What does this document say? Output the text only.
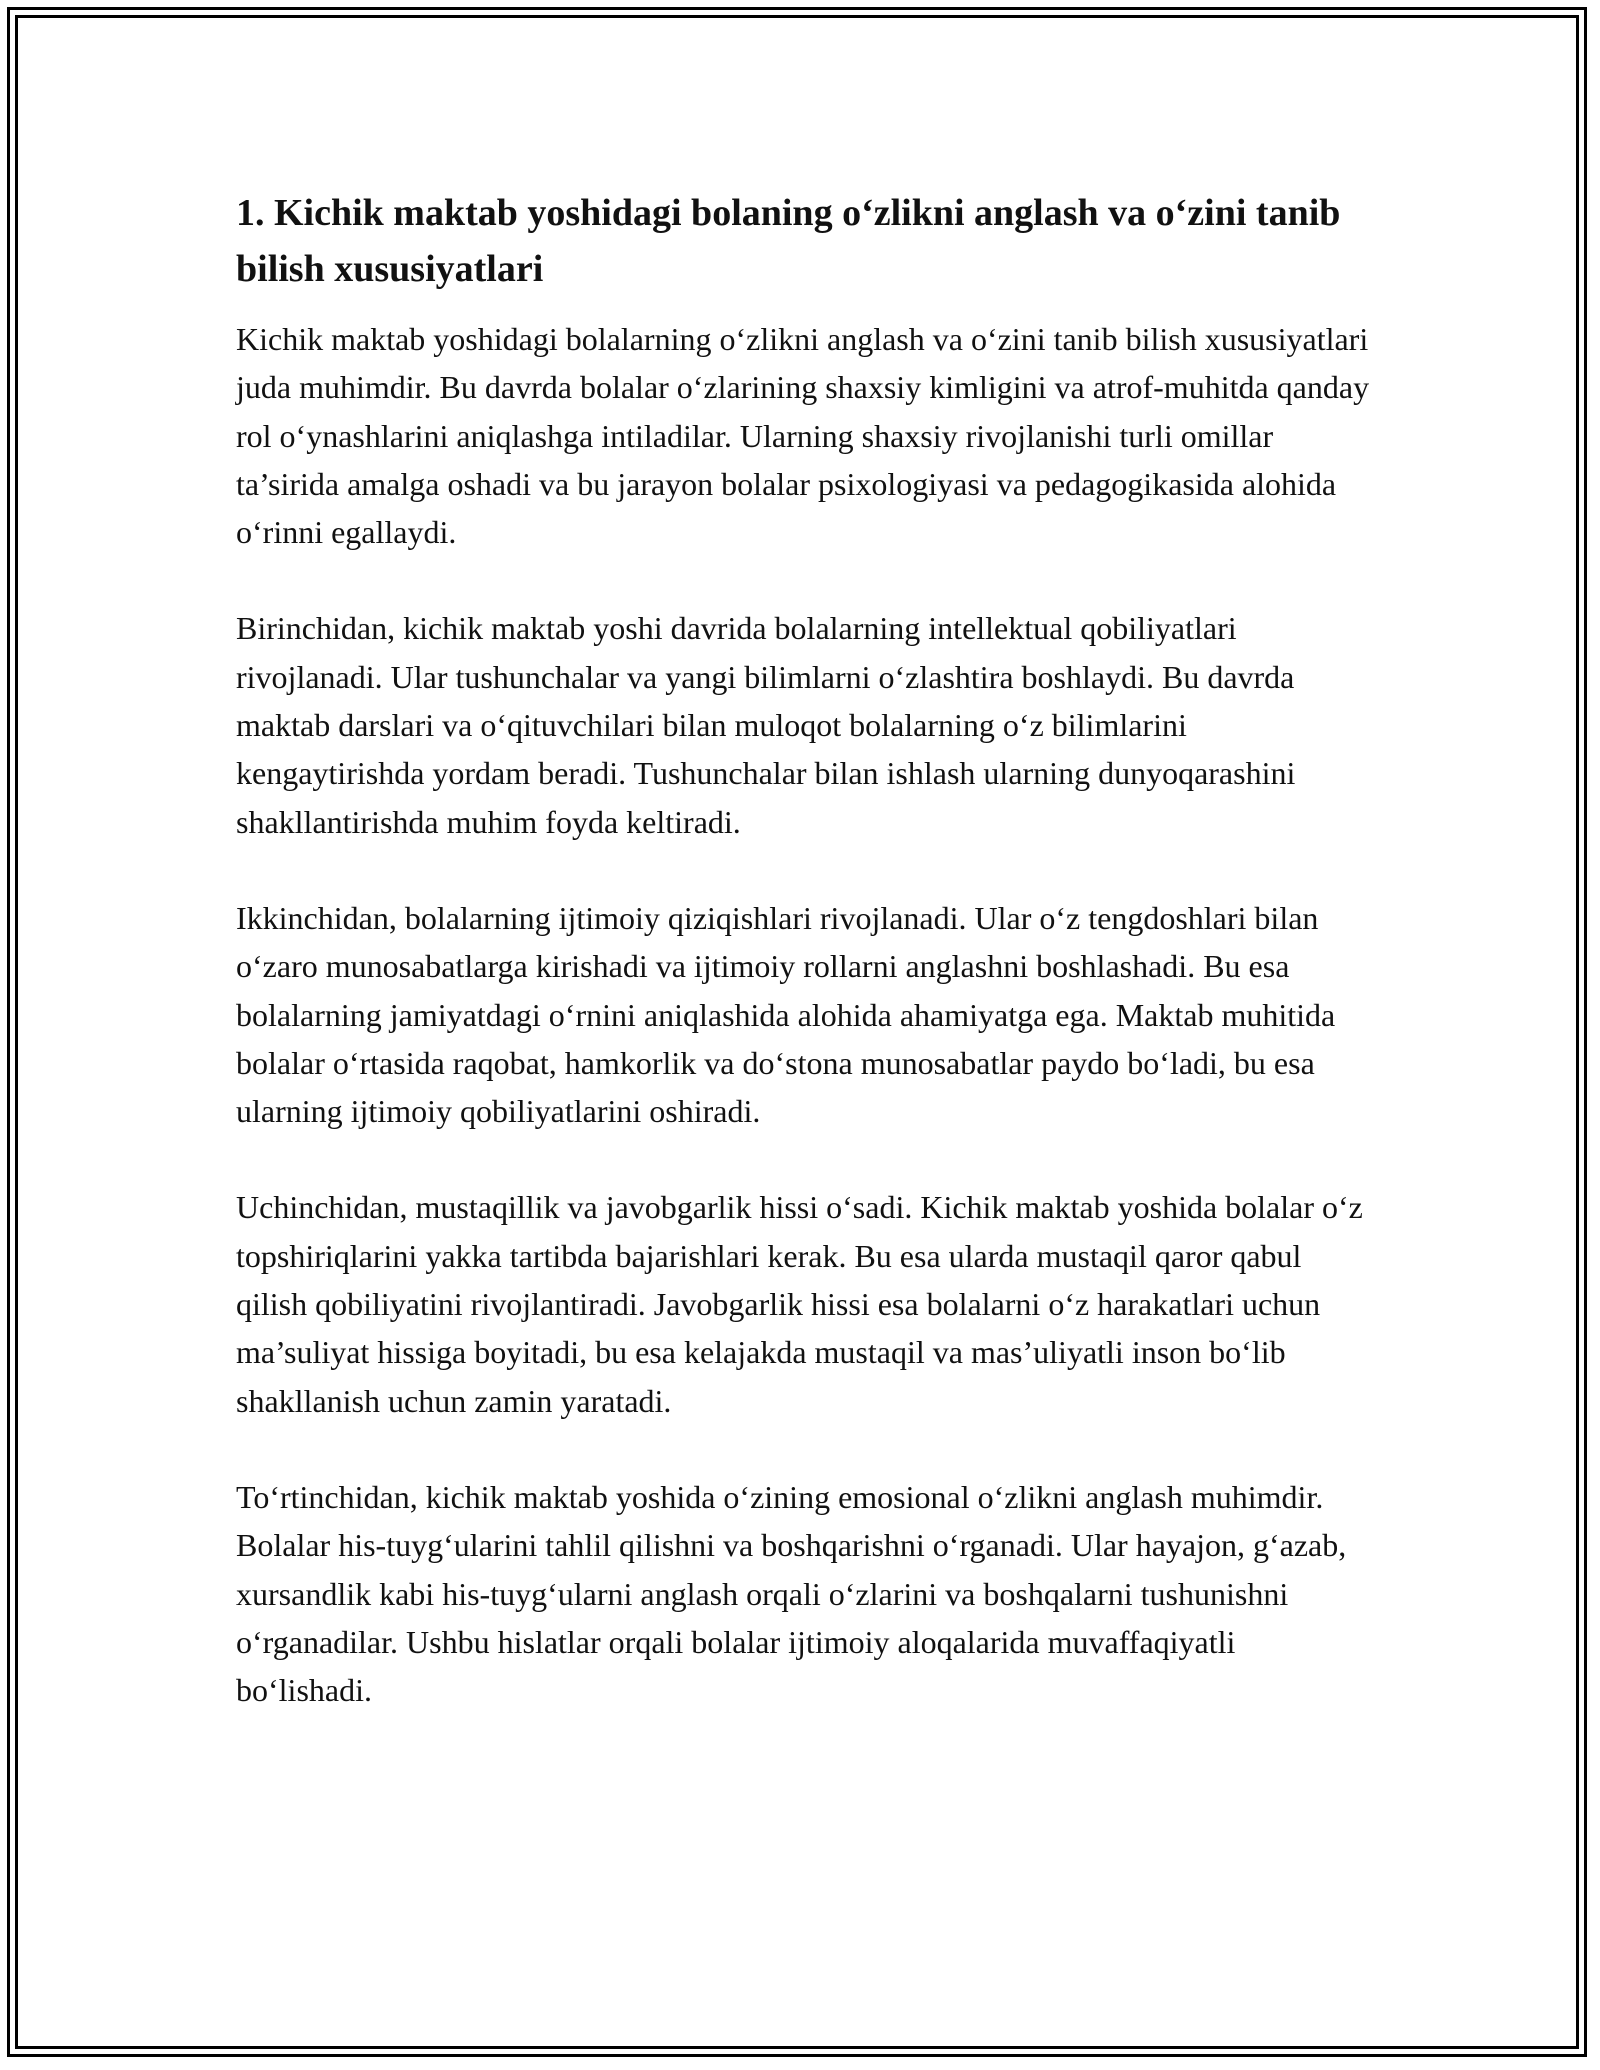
1. Kichik maktab yoshidagi bolaning o‘zlikni anglash va o‘zini tanib bilish xususiyatlari

Kichik maktab yoshidagi bolalarning o‘zlikni anglash va o‘zini tanib bilish xususiyatlari juda muhimdir. Bu davrda bolalar o‘zlarining shaxsiy kimligini va atrof-muhitda qanday rol o‘ynashlarini aniqlashga intiladilar. Ularning shaxsiy rivojlanishi turli omillar ta’sirida amalga oshadi va bu jarayon bolalar psixologiyasi va pedagogikasida alohida o‘rinni egallaydi.

Birinchidan, kichik maktab yoshi davrida bolalarning intellektual qobiliyatlari rivojlanadi. Ular tushunchalar va yangi bilimlarni o‘zlashtira boshlaydi. Bu davrda maktab darslari va o‘qituvchilari bilan muloqot bolalarning o‘z bilimlarini kengaytirishda yordam beradi. Tushunchalar bilan ishlash ularning dunyoqarashini shakllantirishda muhim foyda keltiradi.

Ikkinchidan, bolalarning ijtimoiy qiziqishlari rivojlanadi. Ular o‘z tengdoshlari bilan o‘zaro munosabatlarga kirishadi va ijtimoiy rollarni anglashni boshlashadi. Bu esa bolalarning jamiyatdagi o‘rnini aniqlashida alohida ahamiyatga ega. Maktab muhitida bolalar o‘rtasida raqobat, hamkorlik va do‘stona munosabatlar paydo bo‘ladi, bu esa ularning ijtimoiy qobiliyatlarini oshiradi.

Uchinchidan, mustaqillik va javobgarlik hissi o‘sadi. Kichik maktab yoshida bolalar o‘z topshiriqlarini yakka tartibda bajarishlari kerak. Bu esa ularda mustaqil qaror qabul qilish qobiliyatini rivojlantiradi. Javobgarlik hissi esa bolalarni o‘z harakatlari uchun ma’suliyat hissiga boyitadi, bu esa kelajakda mustaqil va mas’uliyatli inson bo‘lib shakllanish uchun zamin yaratadi.

To‘rtinchidan, kichik maktab yoshida o‘zining emosional o‘zlikni anglash muhimdir. Bolalar his-tuyg‘ularini tahlil qilishni va boshqarishni o‘rganadi. Ular hayajon, g‘azab, xursandlik kabi his-tuyg‘ularni anglash orqali o‘zlarini va boshqalarni tushunishni o‘rganadilar. Ushbu hislatlar orqali bolalar ijtimoiy aloqalarida muvaffaqiyatli bo‘lishadi.
